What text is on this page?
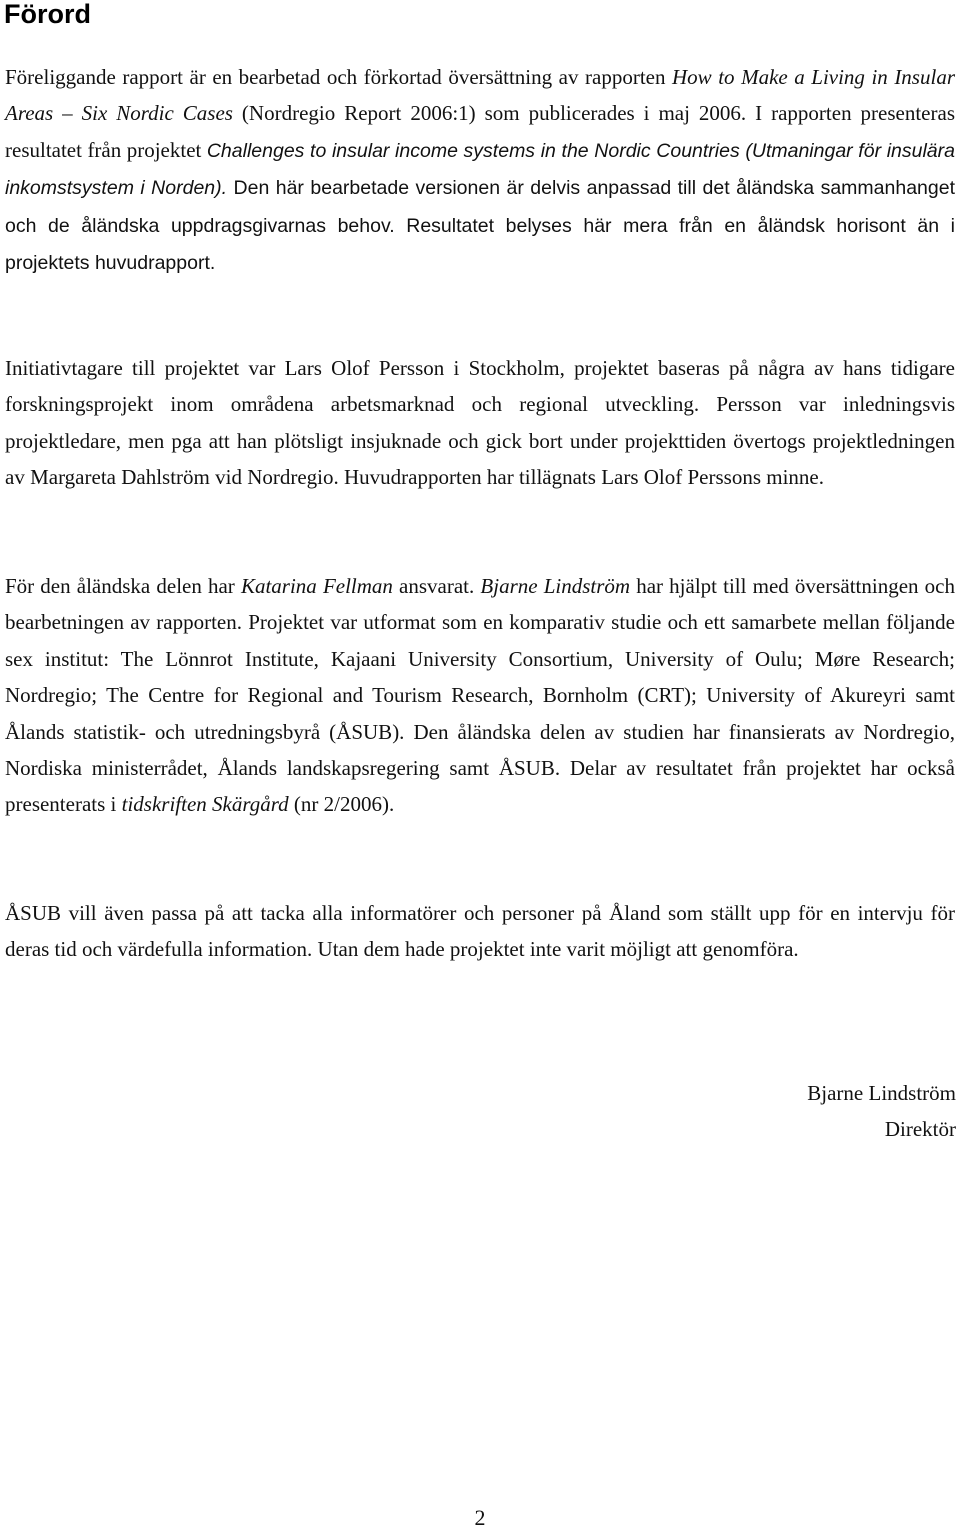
Förord

Föreliggande rapport är en bearbetad och förkortad översättning av rapporten How to Make a Living in Insular Areas – Six Nordic Cases (Nordregio Report 2006:1) som publicerades i maj 2006. I rapporten presenteras resultatet från projektet Challenges to insular income systems in the Nordic Countries (Utmaningar för insulära inkomstsystem i Norden). Den här bearbetade versionen är delvis anpassad till det åländska sammanhanget och de åländska uppdragsgivarnas behov. Resultatet belyses här mera från en åländsk horisont än i projektets huvudrapport.

Initiativtagare till projektet var Lars Olof Persson i Stockholm, projektet baseras på några av hans tidigare forskningsprojekt inom områdena arbetsmarknad och regional utveckling. Persson var inledningsvis projektledare, men pga att han plötsligt insjuknade och gick bort under projekttiden övertogs projektledningen av Margareta Dahlström vid Nordregio. Huvudrapporten har tillägnats Lars Olof Perssons minne.

För den åländska delen har Katarina Fellman ansvarat. Bjarne Lindström har hjälpt till med översättningen och bearbetningen av rapporten. Projektet var utformat som en komparativ studie och ett samarbete mellan följande sex institut: The Lönnrot Institute, Kajaani University Consortium, University of Oulu; Møre Research; Nordregio; The Centre for Regional and Tourism Research, Bornholm (CRT); University of Akureyri samt Ålands statistik- och utredningsbyrå (ÅSUB). Den åländska delen av studien har finansierats av Nordregio, Nordiska ministerrådet, Ålands landskapsregering samt ÅSUB. Delar av resultatet från projektet har också presenterats i tidskriften Skärgård (nr 2/2006).

ÅSUB vill även passa på att tacka alla informatörer och personer på Åland som ställt upp för en intervju för deras tid och värdefulla information. Utan dem hade projektet inte varit möjligt att genomföra.

Bjarne Lindström
Direktör
2
